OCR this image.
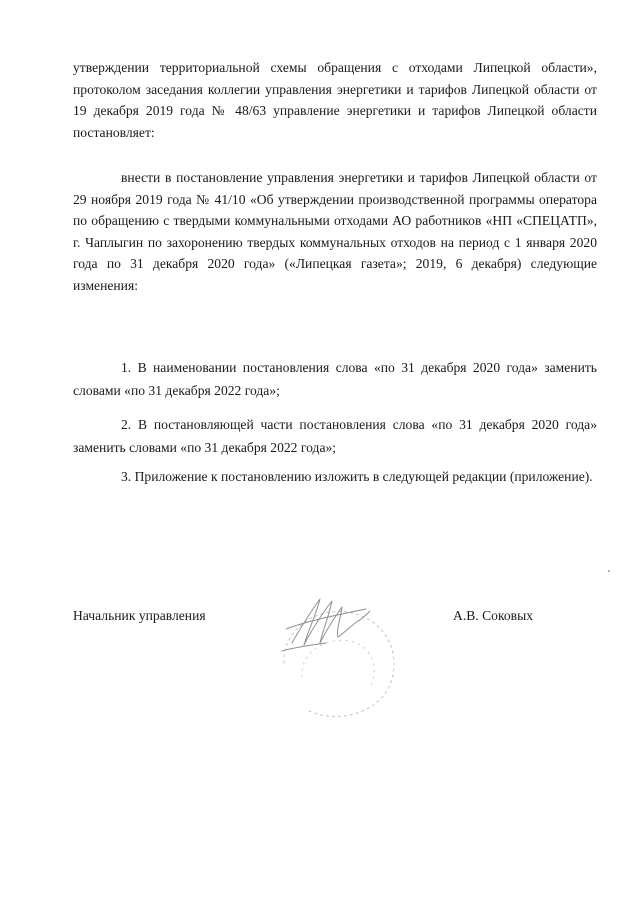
утверждении территориальной схемы обращения с отходами Липецкой области», протоколом заседания коллегии управления энергетики и тарифов Липецкой области от 19 декабря 2019 года № 48/63 управление энергетики и тарифов Липецкой области постановляет:

внести в постановление управления энергетики и тарифов Липецкой области от 29 ноября 2019 года № 41/10 «Об утверждении производственной программы оператора по обращению с твердыми коммунальными отходами АО работников «НП «СПЕЦАТП», г. Чаплыгин по захоронению твердых коммунальных отходов на период с 1 января 2020 года по 31 декабря 2020 года» («Липецкая газета»; 2019, 6 декабря) следующие изменения:

1. В наименовании постановления слова «по 31 декабря 2020 года» заменить словами «по 31 декабря 2022 года»;

2. В постановляющей части постановления слова «по 31 декабря 2020 года» заменить словами «по 31 декабря 2022 года»;

3. Приложение к постановлению изложить в следующей редакции (приложение).

Начальник управления	А.В. Соковых
